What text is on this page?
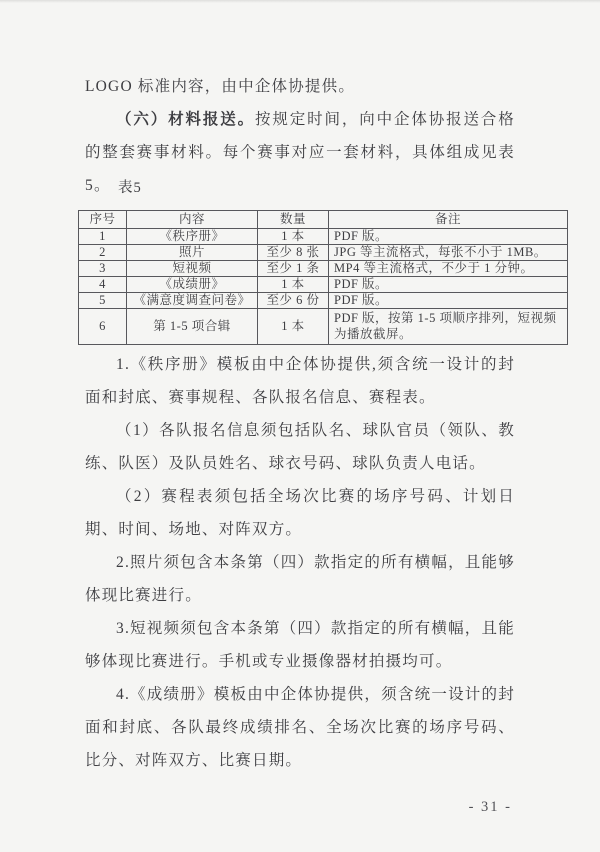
LOGO 标准内容，由中企体协提供。

（六）材料报送。按规定时间，向中企体协报送合格的整套赛事材料。每个赛事对应一套材料，具体组成见表5。 表5
序号	内容	数量	备注
1	《秩序册》	1 本	PDF 版。
2	照片	至少 8 张	JPG 等主流格式，每张不小于 1MB。
3	短视频	至少 1 条	MP4 等主流格式，不少于 1 分钟。
4	《成绩册》	1 本	PDF 版。
5	《满意度调查问卷》	至少 6 份	PDF 版。
6	第 1-5 项合辑	1 本	PDF 版，按第 1-5 项顺序排列，短视频为播放截屏。

1.《秩序册》模板由中企体协提供,须含统一设计的封面和封底、赛事规程、各队报名信息、赛程表。

（1）各队报名信息须包括队名、球队官员（领队、教练、队医）及队员姓名、球衣号码、球队负责人电话。

（2）赛程表须包括全场次比赛的场序号码、计划日期、时间、场地、对阵双方。

2.照片须包含本条第（四）款指定的所有横幅，且能够体现比赛进行。

3.短视频须包含本条第（四）款指定的所有横幅，且能够体现比赛进行。手机或专业摄像器材拍摄均可。

4.《成绩册》模板由中企体协提供，须含统一设计的封面和封底、各队最终成绩排名、全场次比赛的场序号码、比分、对阵双方、比赛日期。

- 31 -
